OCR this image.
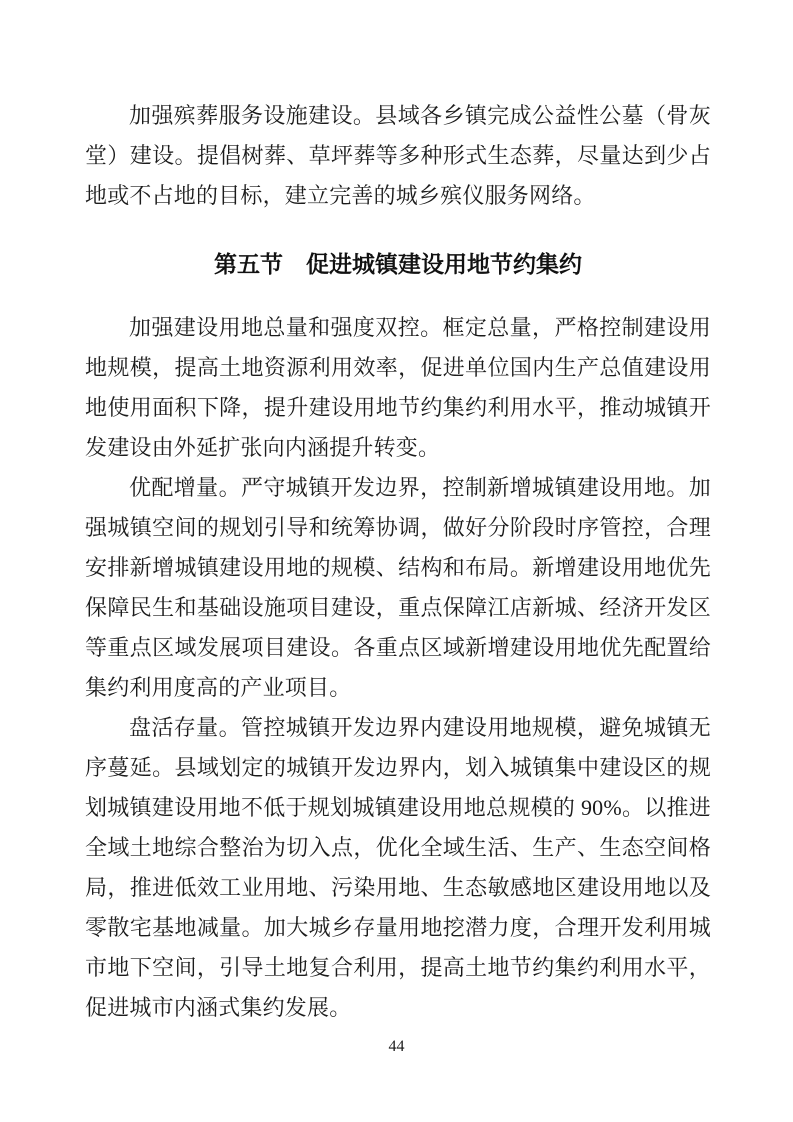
加强殡葬服务设施建设。县域各乡镇完成公益性公墓（骨灰堂）建设。提倡树葬、草坪葬等多种形式生态葬，尽量达到少占地或不占地的目标，建立完善的城乡殡仪服务网络。

第五节　促进城镇建设用地节约集约

加强建设用地总量和强度双控。框定总量，严格控制建设用地规模，提高土地资源利用效率，促进单位国内生产总值建设用地使用面积下降，提升建设用地节约集约利用水平，推动城镇开发建设由外延扩张向内涵提升转变。

优配增量。严守城镇开发边界，控制新增城镇建设用地。加强城镇空间的规划引导和统筹协调，做好分阶段时序管控，合理安排新增城镇建设用地的规模、结构和布局。新增建设用地优先保障民生和基础设施项目建设，重点保障江店新城、经济开发区等重点区域发展项目建设。各重点区域新增建设用地优先配置给集约利用度高的产业项目。

盘活存量。管控城镇开发边界内建设用地规模，避免城镇无序蔓延。县域划定的城镇开发边界内，划入城镇集中建设区的规划城镇建设用地不低于规划城镇建设用地总规模的 90%。以推进全域土地综合整治为切入点，优化全域生活、生产、生态空间格局，推进低效工业用地、污染用地、生态敏感地区建设用地以及零散宅基地减量。加大城乡存量用地挖潜力度，合理开发利用城市地下空间，引导土地复合利用，提高土地节约集约利用水平，促进城市内涵式集约发展。

44
